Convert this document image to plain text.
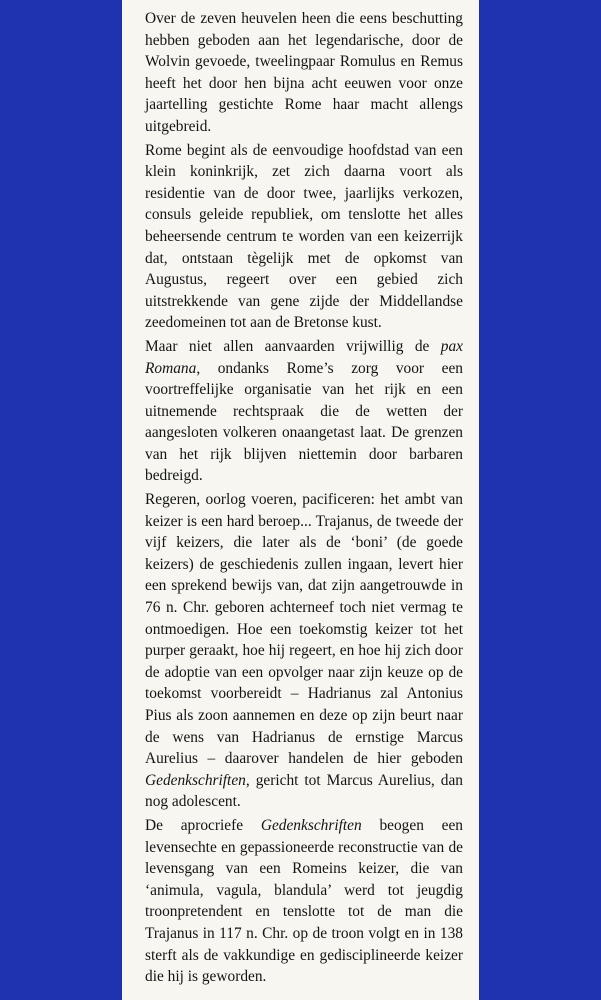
Over de zeven heuvelen heen die eens beschutting hebben geboden aan het legendarische, door de Wolvin gevoede, tweelingpaar Romulus en Remus heeft het door hen bijna acht eeuwen voor onze jaartelling gestichte Rome haar macht allengs uitgebreid.

Rome begint als de eenvoudige hoofdstad van een klein koninkrijk, zet zich daarna voort als residentie van de door twee, jaarlijks verkozen, consuls geleide republiek, om tenslotte het alles beheersende centrum te worden van een keizerrijk dat, ontstaan tègelijk met de opkomst van Augustus, regeert over een gebied zich uitstrekkende van gene zijde der Middellandse zeedomeinen tot aan de Bretonse kust.

Maar niet allen aanvaarden vrijwillig de pax Romana, ondanks Rome’s zorg voor een voortreffelijke organisatie van het rijk en een uitnemende rechtspraak die de wetten der aangesloten volkeren onaangetast laat. De grenzen van het rijk blijven niettemin door barbaren bedreigd.

Regeren, oorlog voeren, pacificeren: het ambt van keizer is een hard beroep... Trajanus, de tweede der vijf keizers, die later als de ‘boni’ (de goede keizers) de geschiedenis zullen ingaan, levert hier een sprekend bewijs van, dat zijn aangetrouwde in 76 n. Chr. geboren achterneef toch niet vermag te ontmoedigen. Hoe een toekomstig keizer tot het purper geraakt, hoe hij regeert, en hoe hij zich door de adoptie van een opvolger naar zijn keuze op de toekomst voorbereidt – Hadrianus zal Antonius Pius als zoon aannemen en deze op zijn beurt naar de wens van Hadrianus de ernstige Marcus Aurelius – daarover handelen de hier geboden Gedenkschriften, gericht tot Marcus Aurelius, dan nog adolescent.

De aprocriefe Gedenkschriften beogen een levensechte en gepassioneerde reconstructie van de levensgang van een Romeins keizer, die van ‘animula, vagula, blandula’ werd tot jeugdig troonpretendent en tenslotte tot de man die Trajanus in 117 n. Chr. op de troon volgt en in 138 sterft als de vakkundige en gedisciplineerde keizer die hij is geworden.
